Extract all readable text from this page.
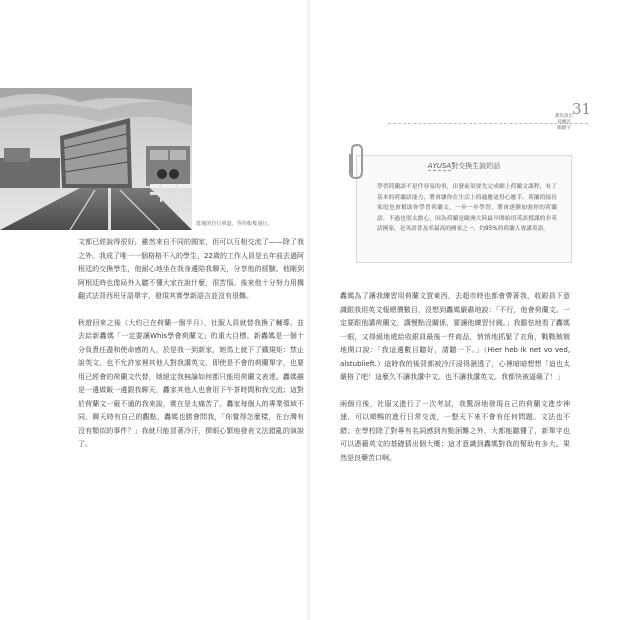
當地的自行車道，等待船隻通行。

文都已經說得很好，雖然來自不同的國家，但可以互相交流了——除了我之外。我成了唯一一個格格不入的學生，22歲的工作人員是五年前去過阿根廷的交換學生，他耐心地坐在我身邊陪我聊天，分享他的經驗。他剛到阿根廷時也像局外人聽不懂大家在說什麼，很苦惱。後來他十分努力用構翻式法背西班牙語單字，發現其實學新語言並沒有很難。

秋遊回來之後（大約已在荷蘭一個半月），社服人員就替我換了輔導。並去給新轟媽「一定要讓Whis學會荷蘭文」的重大目標。新轟媽是一個十分負責任盡和使命感的人，於是我一到新家，她馬上就下了鐵規矩：禁止說英文，也不允許家裡其他人對我講英文，即使是不會的荷蘭單字，也要用已經會的荷蘭文代替，她絕定我無論如何都只能用荷蘭文表達。轟媽雖是一邊做飯一邊跟我聊天，轟家其他人也會用下午茶時間和我交流；這對於荷蘭文一竅不通的我來說，實在是太痛苦了。轟家每個人的專業領域不同，聊天時有自己的觀點，轟媽也勝會問我，「你覺得怎麼樣，在台灣有沒有類似的事件？」我就只能冒著冷汗，擠眼心繁地發表文法錯亂的演說了。

教你說出
荷蘭語
關鍵字
31
AYUSA對交換生說的話
學習荷蘭語不是件容易的事，出發前須要先完成網上荷蘭文課程，有了基本的荷蘭語能力，將會讓你在生活上的適應更得心應手。荷蘭的接待家庭也會幫助你學習荷蘭文，一步一步學習，將會逐漸加強你的荷蘭語。不過也別太擔心，因為荷蘭是歐洲大陸最早開始用英語授課的非英語國家，是英語普及率最高的國家之一，約95%的荷蘭人會講英語。

轟媽為了讓我練習用荷蘭文買東西，去超市時也都會帶著我，收銀員下意識跟我用英文報總價數目，沒想到轟媽嚴肅地說：「不行，他會荷蘭文。一定要跟他講荷蘭文，講慢點沒關係，要讓他練習付錢。」我膽怯地看了轟媽一眼，又得緩地遞給收銀員最後一件商品，悄悄地抓緊了衣角，戰戰兢兢地開口說：「我這邊數目聽好，請聽一下。」（Hier heb ik net vo ved, alstublieft.）這時我的後背都被冷汗浸得濕透了，心裡暗暗想想「這也太嚴格了吧！這麼久不讓我講中文。也不讓我講英文。我都快被逼瘋了！」

兩個月後，社服又進行了一次考試，我驚訝地發現自己的荷蘭文進步神速，可以順暢的進行日常交流，一整天下來不會有任何問題。文法也不錯；在學校除了對專有名詞感到有點困難之外，大都能聽懂了，新單字也可以憑藉英文的基礎猜出個大概；這才意識到轟媽對我的幫助有多大。果然是良藥苦口啊。
